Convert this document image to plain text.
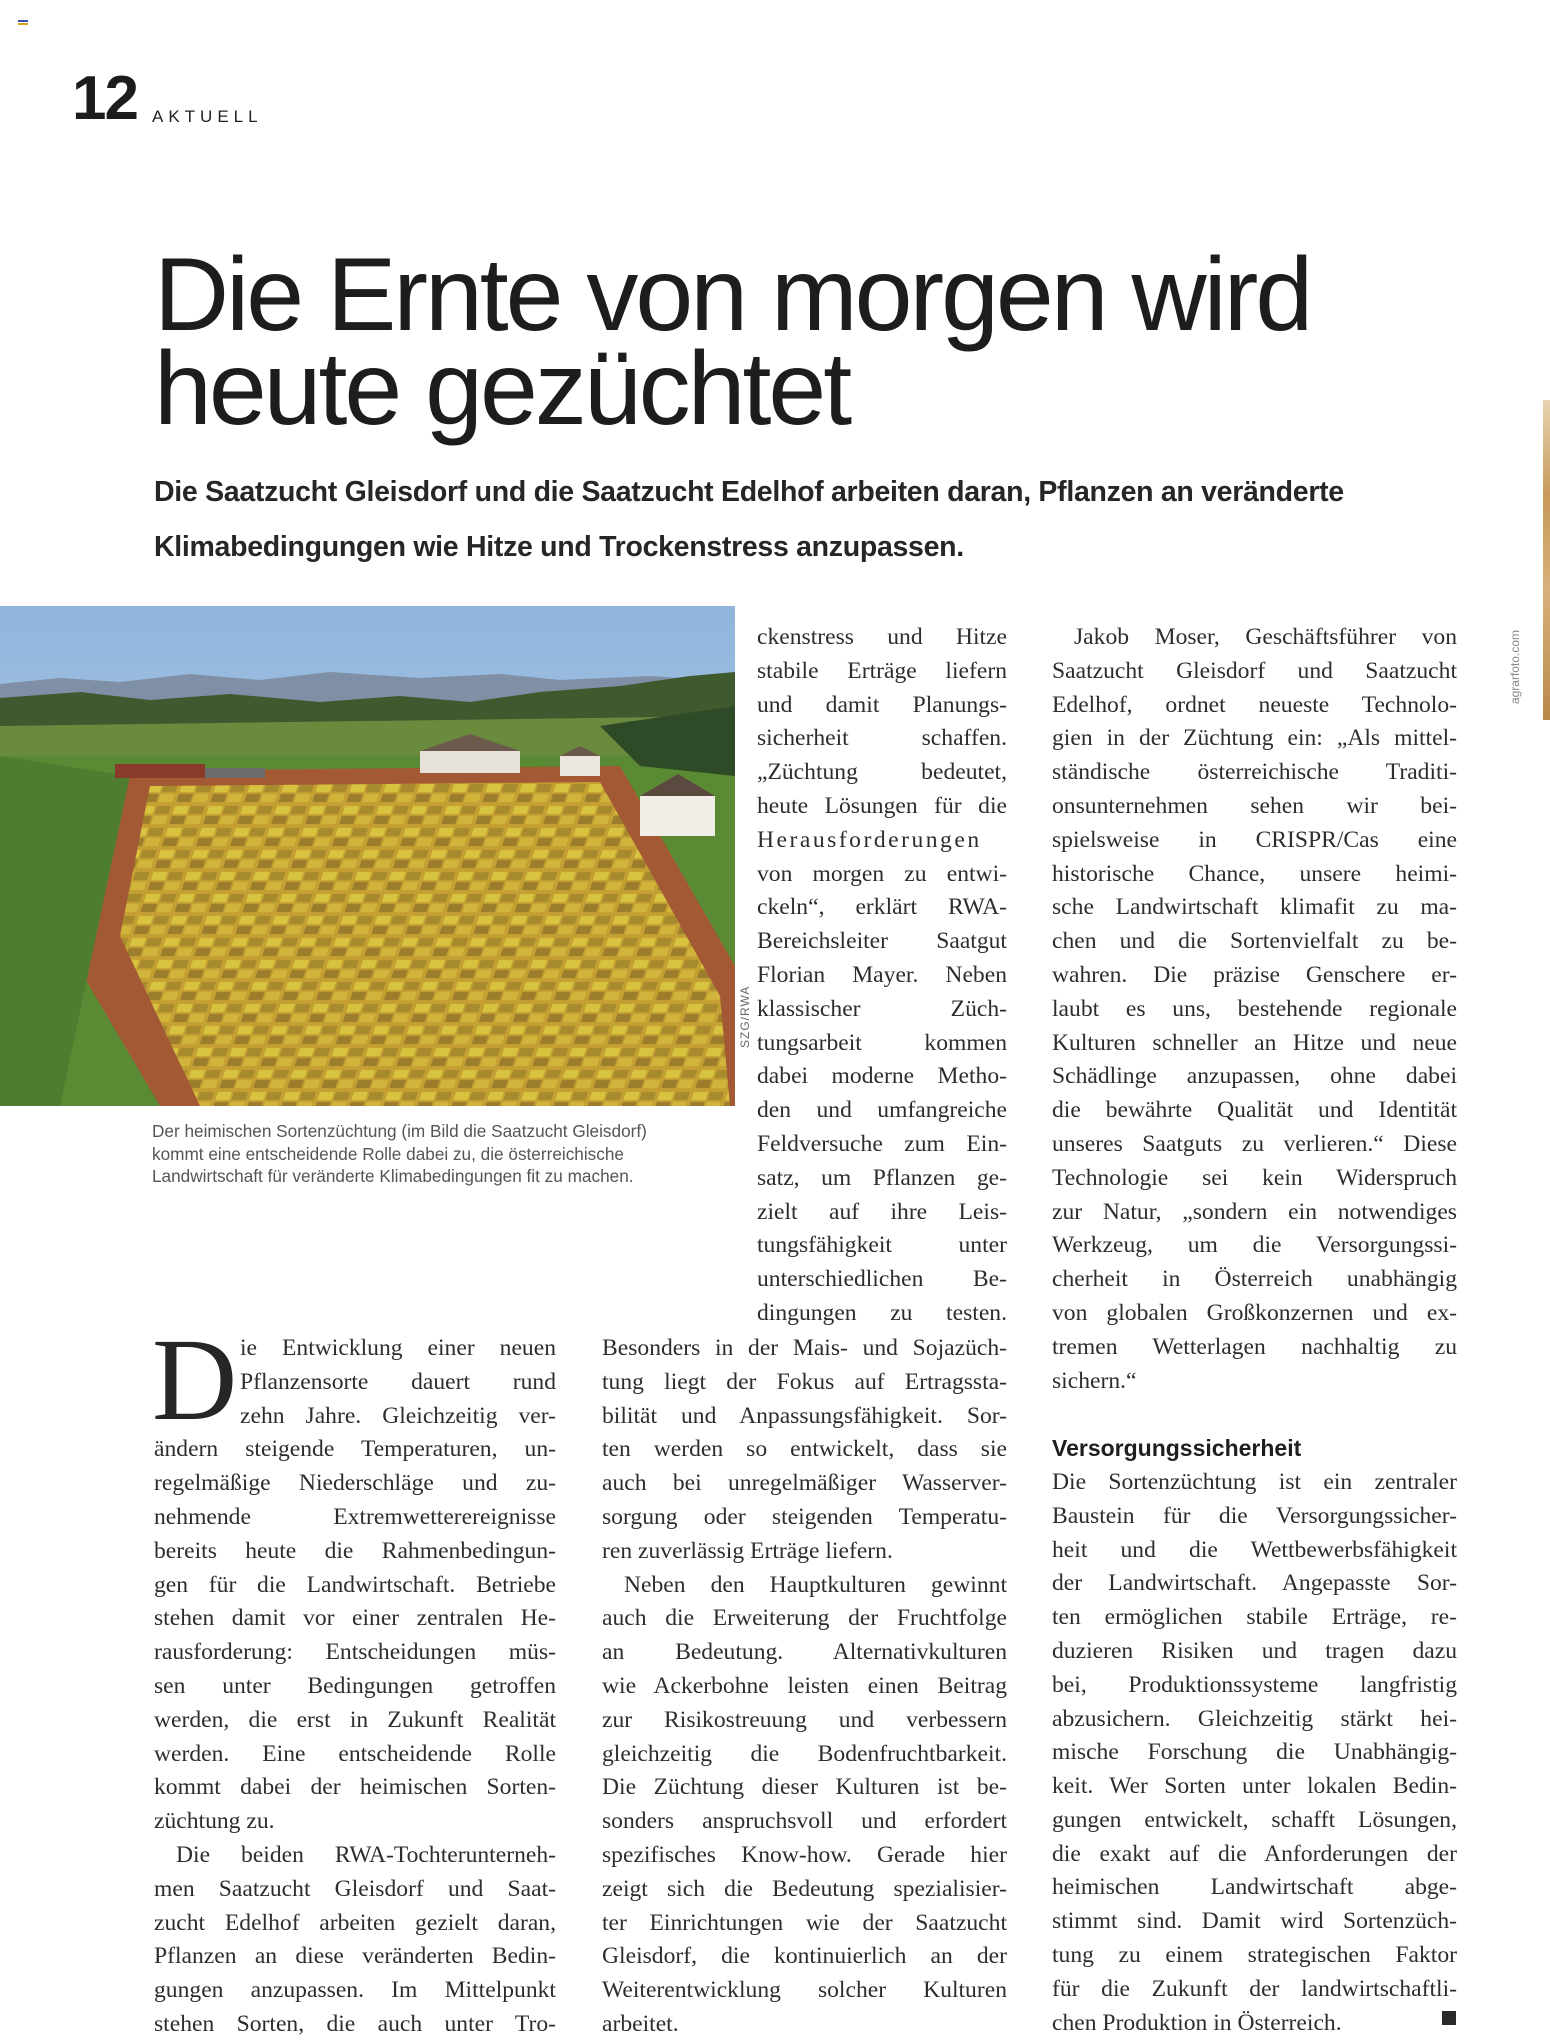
12 AKTUELL
Die Ernte von morgen wird
heute gezüchtet
Die Saatzucht Gleisdorf und die Saatzucht Edelhof arbeiten daran, Pflanzen an veränderte
Klimabedingungen wie Hitze und Trockenstress anzupassen.
SZG/RWA
Der heimischen Sortenzüchtung (im Bild die Saatzucht Gleisdorf)
kommt eine entscheidende Rolle dabei zu, die österreichische
Landwirtschaft für veränderte Klimabedingungen fit zu machen.
agrarfoto.com
D ie Entwicklung einer neuen
Pflanzensorte dauert rund
zehn Jahre. Gleichzeitig ver-
ändern steigende Temperaturen, un-
regelmäßige Niederschläge und zu-
nehmende Extremwetterereignisse
bereits heute die Rahmenbedingun-
gen für die Landwirtschaft. Betriebe
stehen damit vor einer zentralen He-
rausforderung: Entscheidungen müs-
sen unter Bedingungen getroffen
werden, die erst in Zukunft Realität
werden. Eine entscheidende Rolle
kommt dabei der heimischen Sorten-
züchtung zu.
Die beiden RWA-Tochterunterneh-
men Saatzucht Gleisdorf und Saat-
zucht Edelhof arbeiten gezielt daran,
Pflanzen an diese veränderten Bedin-
gungen anzupassen. Im Mittelpunkt
stehen Sorten, die auch unter Tro-
ckenstress und Hitze
stabile Erträge liefern
und damit Planungs-
sicherheit schaffen.
„Züchtung bedeutet,
heute Lösungen für die
Herausforderungen
von morgen zu entwi-
ckeln“, erklärt RWA-
Bereichsleiter Saatgut
Florian Mayer. Neben
klassischer Züch-
tungsarbeit kommen
dabei moderne Metho-
den und umfangreiche
Feldversuche zum Ein-
satz, um Pflanzen ge-
zielt auf ihre Leis-
tungsfähigkeit unter
unterschiedlichen Be-
dingungen zu testen.
Besonders in der Mais- und Sojazüch-
tung liegt der Fokus auf Ertragssta-
bilität und Anpassungsfähigkeit. Sor-
ten werden so entwickelt, dass sie
auch bei unregelmäßiger Wasserver-
sorgung oder steigenden Temperatu-
ren zuverlässig Erträge liefern.
Neben den Hauptkulturen gewinnt
auch die Erweiterung der Fruchtfolge
an Bedeutung. Alternativkulturen
wie Ackerbohne leisten einen Beitrag
zur Risikostreuung und verbessern
gleichzeitig die Bodenfruchtbarkeit.
Die Züchtung dieser Kulturen ist be-
sonders anspruchsvoll und erfordert
spezifisches Know-how. Gerade hier
zeigt sich die Bedeutung spezialisier-
ter Einrichtungen wie der Saatzucht
Gleisdorf, die kontinuierlich an der
Weiterentwicklung solcher Kulturen
arbeitet.
Jakob Moser, Geschäftsführer von
Saatzucht Gleisdorf und Saatzucht
Edelhof, ordnet neueste Technolo-
gien in der Züchtung ein: „Als mittel-
ständische österreichische Traditi-
onsunternehmen sehen wir bei-
spielsweise in CRISPR/Cas eine
historische Chance, unsere heimi-
sche Landwirtschaft klimafit zu ma-
chen und die Sortenvielfalt zu be-
wahren. Die präzise Genschere er-
laubt es uns, bestehende regionale
Kulturen schneller an Hitze und neue
Schädlinge anzupassen, ohne dabei
die bewährte Qualität und Identität
unseres Saatguts zu verlieren.“ Diese
Technologie sei kein Widerspruch
zur Natur, „sondern ein notwendiges
Werkzeug, um die Versorgungssi-
cherheit in Österreich unabhängig
von globalen Großkonzernen und ex-
tremen Wetterlagen nachhaltig zu
sichern.“
Versorgungssicherheit
Die Sortenzüchtung ist ein zentraler
Baustein für die Versorgungssicher-
heit und die Wettbewerbsfähigkeit
der Landwirtschaft. Angepasste Sor-
ten ermöglichen stabile Erträge, re-
duzieren Risiken und tragen dazu
bei, Produktionssysteme langfristig
abzusichern. Gleichzeitig stärkt hei-
mische Forschung die Unabhängig-
keit. Wer Sorten unter lokalen Bedin-
gungen entwickelt, schafft Lösungen,
die exakt auf die Anforderungen der
heimischen Landwirtschaft abge-
stimmt sind. Damit wird Sortenzüch-
tung zu einem strategischen Faktor
für die Zukunft der landwirtschaftli-
chen Produktion in Österreich.
